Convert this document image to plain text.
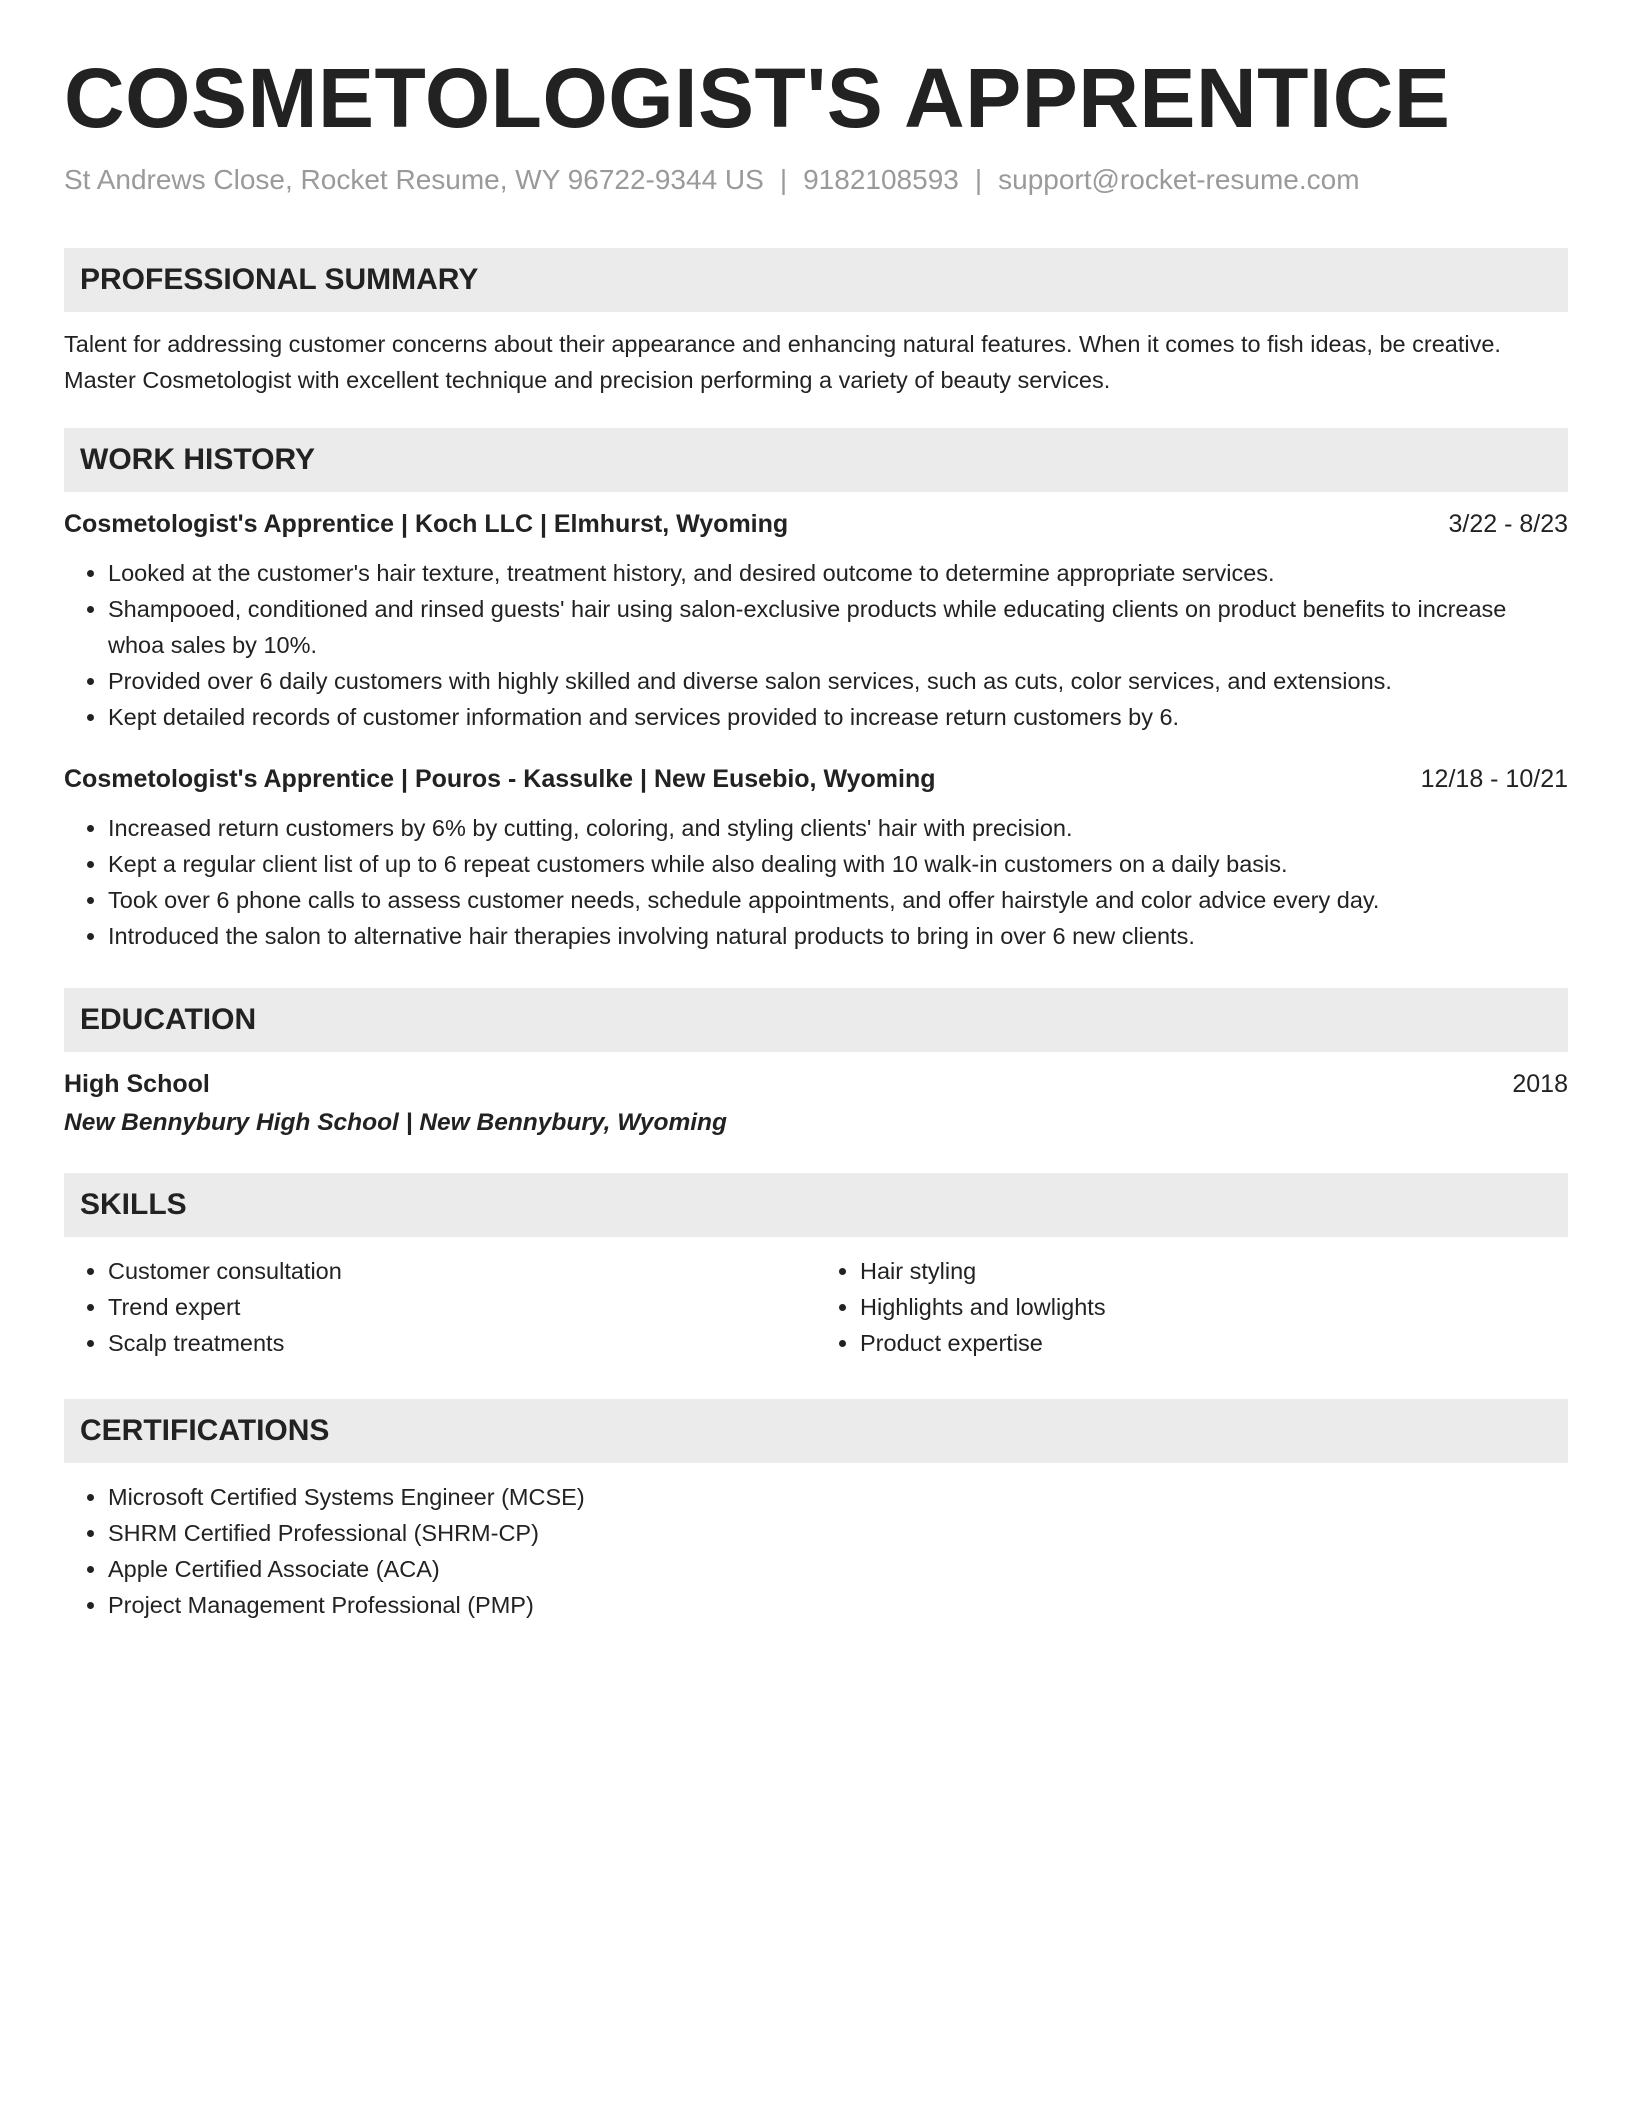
COSMETOLOGIST'S APPRENTICE
St Andrews Close, Rocket Resume, WY 96722-9344 US | 9182108593 | support@rocket-resume.com
PROFESSIONAL SUMMARY
Talent for addressing customer concerns about their appearance and enhancing natural features. When it comes to fish ideas, be creative. Master Cosmetologist with excellent technique and precision performing a variety of beauty services.
WORK HISTORY
Cosmetologist's Apprentice | Koch LLC | Elmhurst, Wyoming	3/22 - 8/23
• Looked at the customer's hair texture, treatment history, and desired outcome to determine appropriate services.
• Shampooed, conditioned and rinsed guests' hair using salon-exclusive products while educating clients on product benefits to increase whoa sales by 10%.
• Provided over 6 daily customers with highly skilled and diverse salon services, such as cuts, color services, and extensions.
• Kept detailed records of customer information and services provided to increase return customers by 6.
Cosmetologist's Apprentice | Pouros - Kassulke | New Eusebio, Wyoming	12/18 - 10/21
• Increased return customers by 6% by cutting, coloring, and styling clients' hair with precision.
• Kept a regular client list of up to 6 repeat customers while also dealing with 10 walk-in customers on a daily basis.
• Took over 6 phone calls to assess customer needs, schedule appointments, and offer hairstyle and color advice every day.
• Introduced the salon to alternative hair therapies involving natural products to bring in over 6 new clients.
EDUCATION
High School	2018
New Bennybury High School | New Bennybury, Wyoming
SKILLS
• Customer consultation
• Trend expert
• Scalp treatments
• Hair styling
• Highlights and lowlights
• Product expertise
CERTIFICATIONS
• Microsoft Certified Systems Engineer (MCSE)
• SHRM Certified Professional (SHRM-CP)
• Apple Certified Associate (ACA)
• Project Management Professional (PMP)
